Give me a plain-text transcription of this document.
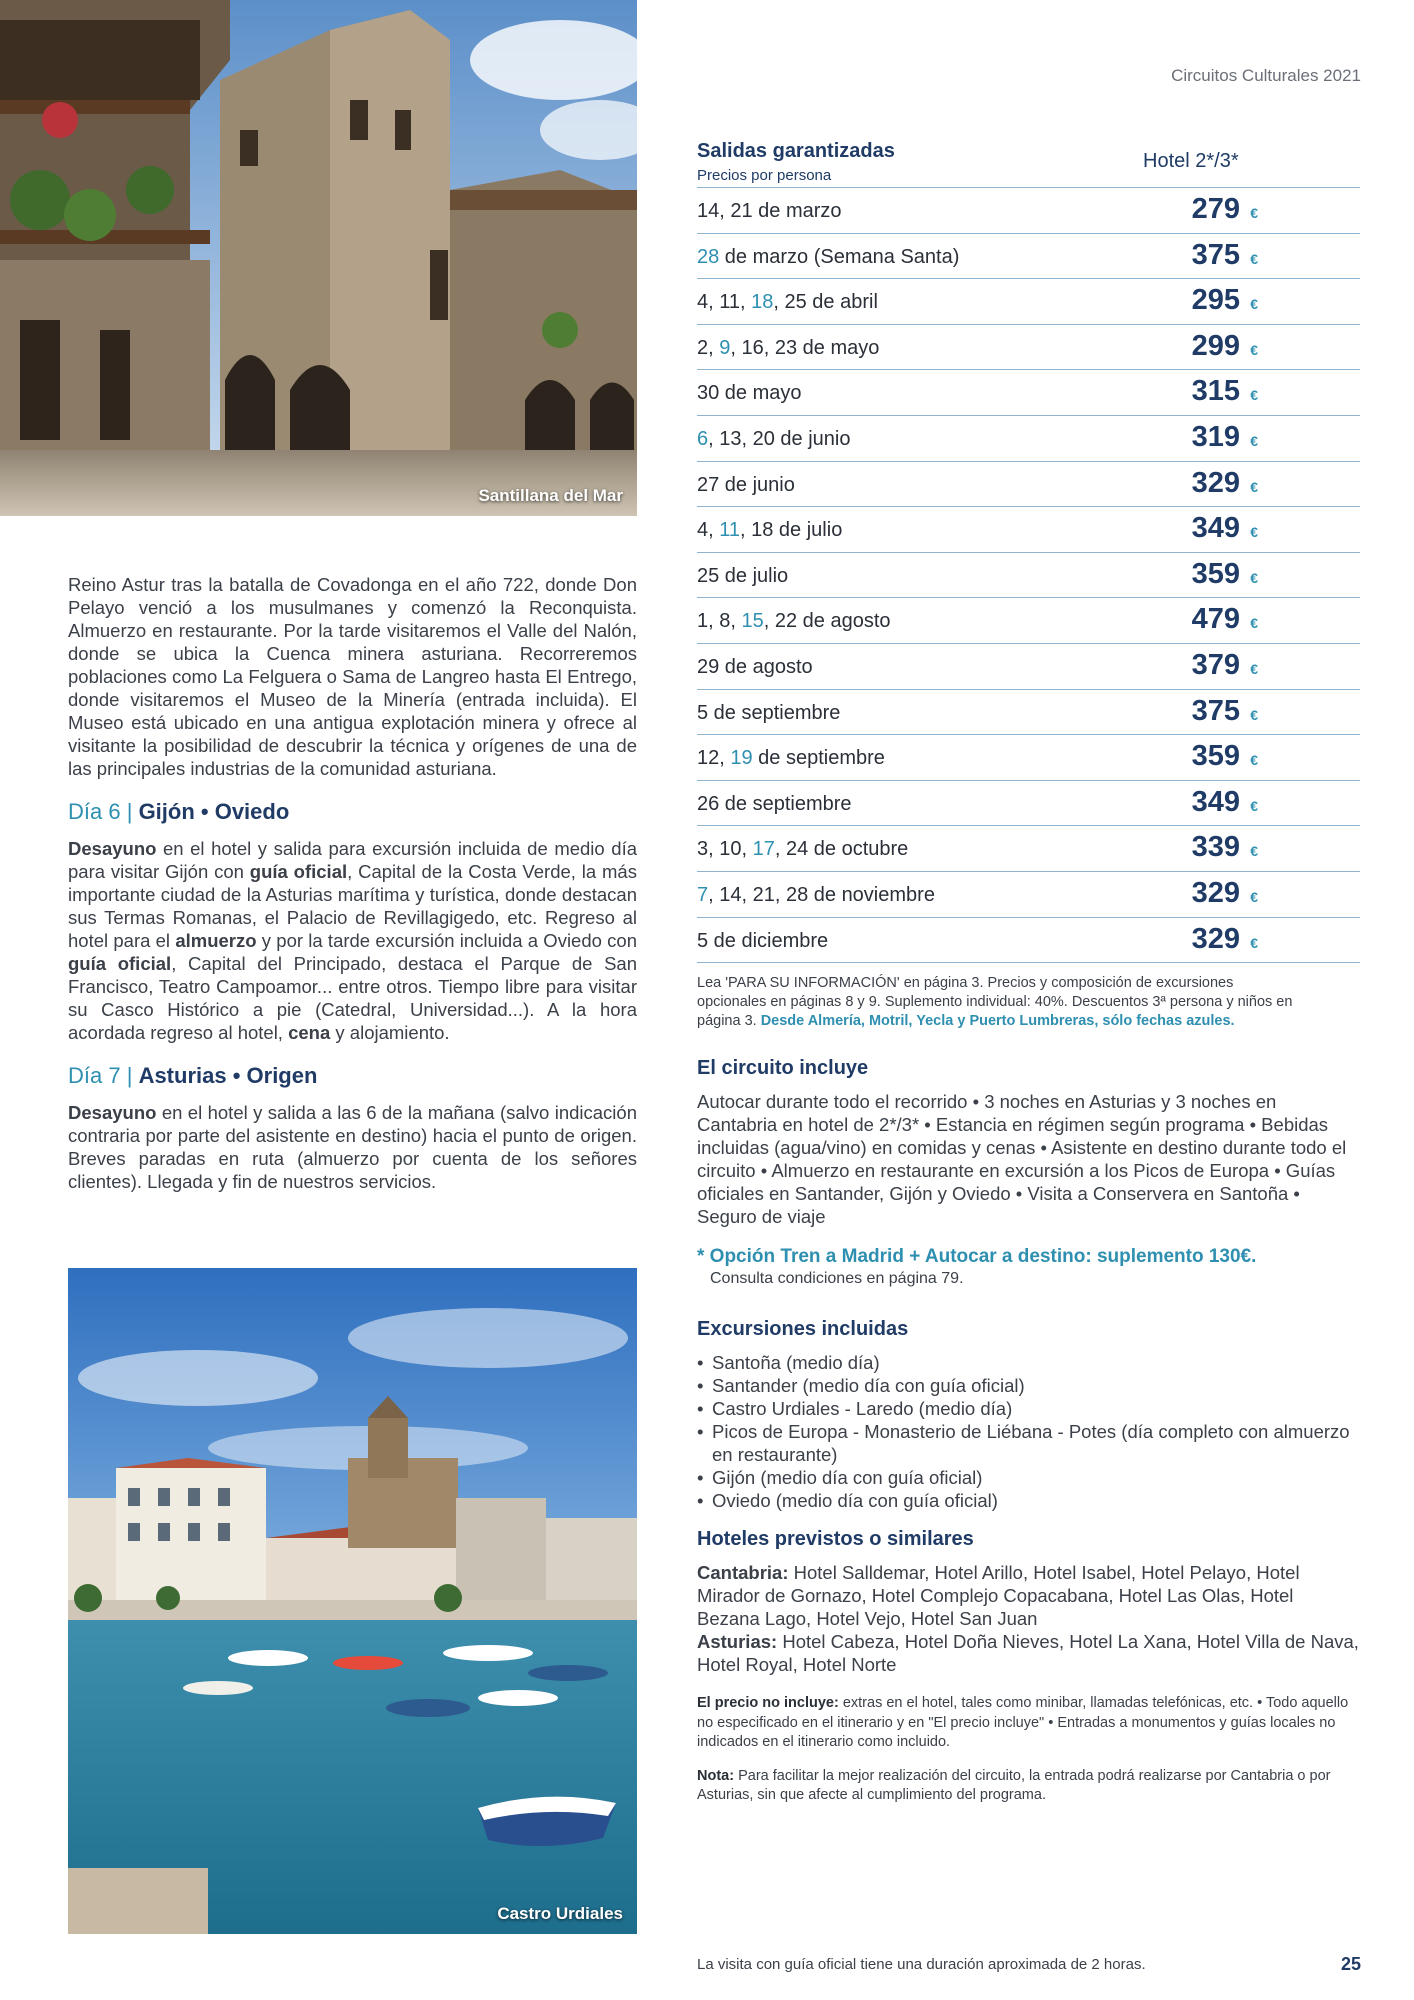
Santillana del Mar
Circuitos Culturales 2021

Reino Astur tras la batalla de Covadonga en el año 722, donde Don Pelayo venció a los musulmanes y comenzó la Reconquista. Almuerzo en restaurante. Por la tarde visitaremos el Valle del Nalón, donde se ubica la Cuenca minera asturiana. Recorreremos poblaciones como La Felguera o Sama de Langreo hasta El Entrego, donde visitaremos el Museo de la Minería (entrada incluida). El Museo está ubicado en una antigua explotación minera y ofrece al visitante la posibilidad de descubrir la técnica y orígenes de una de las principales industrias de la comunidad asturiana.

Día 6 | Gijón • Oviedo

Desayuno en el hotel y salida para excursión incluida de medio día para visitar Gijón con guía oficial, Capital de la Costa Verde, la más importante ciudad de la Asturias marítima y turística, donde destacan sus Termas Romanas, el Palacio de Revillagigedo, etc. Regreso al hotel para el almuerzo y por la tarde excursión incluida a Oviedo con guía oficial, Capital del Principado, destaca el Parque de San Francisco, Teatro Campoamor... entre otros. Tiempo libre para visitar su Casco Histórico a pie (Catedral, Universidad...). A la hora acordada regreso al hotel, cena y alojamiento.

Día 7 | Asturias • Origen

Desayuno en el hotel y salida a las 6 de la mañana (salvo indicación contraria por parte del asistente en destino) hacia el punto de origen. Breves paradas en ruta (almuerzo por cuenta de los señores clientes). Llegada y fin de nuestros servicios.

Castro Urdiales
Salidas garantizadas
Precios por persona
Hotel 2*/3*
14, 21 de marzo	279 €
28 de marzo (Semana Santa)	375 €
4, 11, 18, 25 de abril	295 €
2, 9, 16, 23 de mayo	299 €
30 de mayo	315 €
6, 13, 20 de junio	319 €
27 de junio	329 €
4, 11, 18 de julio	349 €
25 de julio	359 €
1, 8, 15, 22 de agosto	479 €
29 de agosto	379 €
5 de septiembre	375 €
12, 19 de septiembre	359 €
26 de septiembre	349 €
3, 10, 17, 24 de octubre	339 €
7, 14, 21, 28 de noviembre	329 €
5 de diciembre	329 €
Lea 'PARA SU INFORMACIÓN' en página 3. Precios y composición de excursiones opcionales en páginas 8 y 9. Suplemento individual: 40%. Descuentos 3ª persona y niños en página 3. Desde Almería, Motril, Yecla y Puerto Lumbreras, sólo fechas azules.
El circuito incluye
Autocar durante todo el recorrido • 3 noches en Asturias y 3 noches en Cantabria en hotel de 2*/3* • Estancia en régimen según programa • Bebidas incluidas (agua/vino) en comidas y cenas • Asistente en destino durante todo el circuito • Almuerzo en restaurante en excursión a los Picos de Europa • Guías oficiales en Santander, Gijón y Oviedo • Visita a Conservera en Santoña • Seguro de viaje
* Opción Tren a Madrid + Autocar a destino: suplemento 130€.
Consulta condiciones en página 79.
Excursiones incluidas
• Santoña (medio día)
• Santander (medio día con guía oficial)
• Castro Urdiales - Laredo (medio día)
• Picos de Europa - Monasterio de Liébana - Potes (día completo con almuerzo en restaurante)
• Gijón (medio día con guía oficial)
• Oviedo (medio día con guía oficial)
Hoteles previstos o similares
Cantabria: Hotel Salldemar, Hotel Arillo, Hotel Isabel, Hotel Pelayo, Hotel Mirador de Gornazo, Hotel Complejo Copacabana, Hotel Las Olas, Hotel Bezana Lago, Hotel Vejo, Hotel San Juan
Asturias: Hotel Cabeza, Hotel Doña Nieves, Hotel La Xana, Hotel Villa de Nava, Hotel Royal, Hotel Norte
El precio no incluye: extras en el hotel, tales como minibar, llamadas telefónicas, etc. • Todo aquello no especificado en el itinerario y en "El precio incluye" • Entradas a monumentos y guías locales no indicados en el itinerario como incluido.
Nota: Para facilitar la mejor realización del circuito, la entrada podrá realizarse por Cantabria o por Asturias, sin que afecte al cumplimiento del programa.
La visita con guía oficial tiene una duración aproximada de 2 horas.	25
